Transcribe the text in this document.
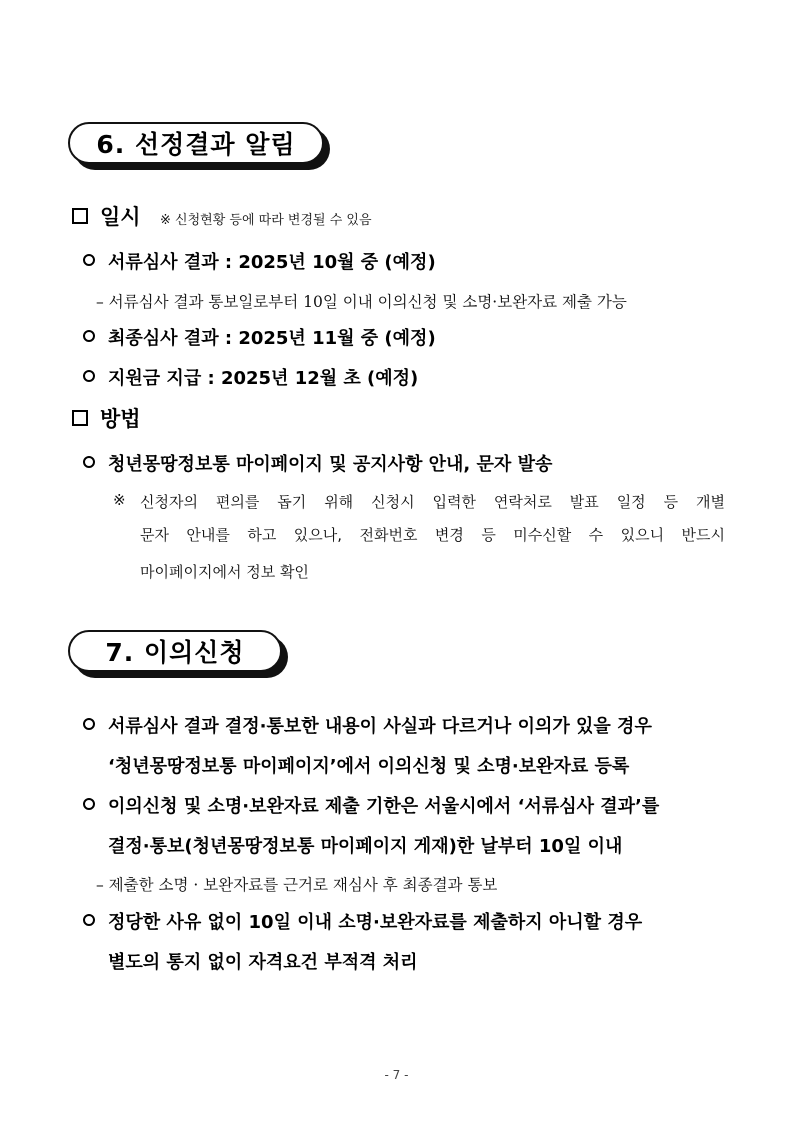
6. 선정결과 알림
일시 ※ 신청현황 등에 따라 변경될 수 있음
서류심사 결과 : 2025년 10월 중 (예정)
– 서류심사 결과 통보일로부터 10일 이내 이의신청 및 소명·보완자료 제출 가능
최종심사 결과 : 2025년 11월 중 (예정)
지원금 지급 : 2025년 12월 초 (예정)
방법
청년몽땅정보통 마이페이지 및 공지사항 안내, 문자 발송
※ 신청자의 편의를 돕기 위해 신청시 입력한 연락처로 발표 일정 등 개별
문자 안내를 하고 있으나, 전화번호 변경 등 미수신할 수 있으니 반드시
마이페이지에서 정보 확인
7. 이의신청
서류심사 결과 결정·통보한 내용이 사실과 다르거나 이의가 있을 경우
‘청년몽땅정보통 마이페이지’에서 이의신청 및 소명·보완자료 등록
이의신청 및 소명·보완자료 제출 기한은 서울시에서 ‘서류심사 결과’를
결정·통보(청년몽땅정보통 마이페이지 게재)한 날부터 10일 이내
– 제출한 소명 · 보완자료를 근거로 재심사 후 최종결과 통보
정당한 사유 없이 10일 이내 소명·보완자료를 제출하지 아니할 경우
별도의 통지 없이 자격요건 부적격 처리
- 7 -
